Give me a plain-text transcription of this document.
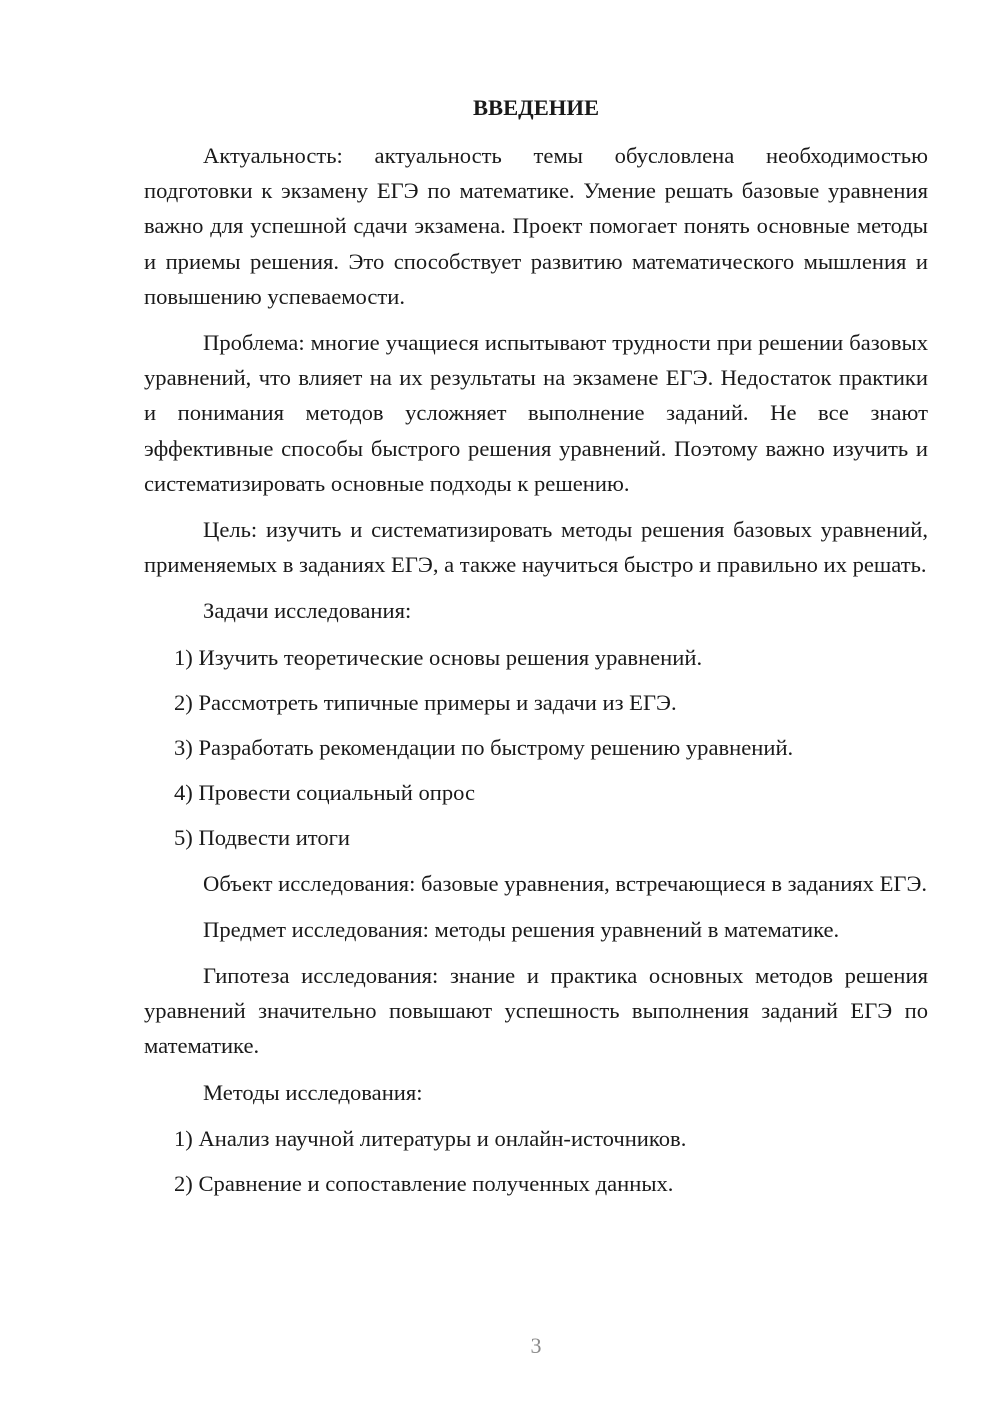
ВВЕДЕНИЕ

Актуальность: актуальность темы обусловлена необходимостью подготовки к экзамену ЕГЭ по математике. Умение решать базовые уравнения важно для успешной сдачи экзамена. Проект помогает понять основные методы и приемы решения. Это способствует развитию математического мышления и повышению успеваемости.

Проблема: многие учащиеся испытывают трудности при решении базовых уравнений, что влияет на их результаты на экзамене ЕГЭ. Недостаток практики и понимания методов усложняет выполнение заданий. Не все знают эффективные способы быстрого решения уравнений. Поэтому важно изучить и систематизировать основные подходы к решению.

Цель: изучить и систематизировать методы решения базовых уравнений, применяемых в заданиях ЕГЭ, а также научиться быстро и правильно их решать.

Задачи исследования:

1) Изучить теоретические основы решения уравнений.
2) Рассмотреть типичные примеры и задачи из ЕГЭ.
3) Разработать рекомендации по быстрому решению уравнений.
4) Провести социальный опрос
5) Подвести итоги

Объект исследования: базовые уравнения, встречающиеся в заданиях ЕГЭ.

Предмет исследования: методы решения уравнений в математике.

Гипотеза исследования: знание и практика основных методов решения уравнений значительно повышают успешность выполнения заданий ЕГЭ по математике.

Методы исследования:

1) Анализ научной литературы и онлайн-источников.
2) Сравнение и сопоставление полученных данных.
3
